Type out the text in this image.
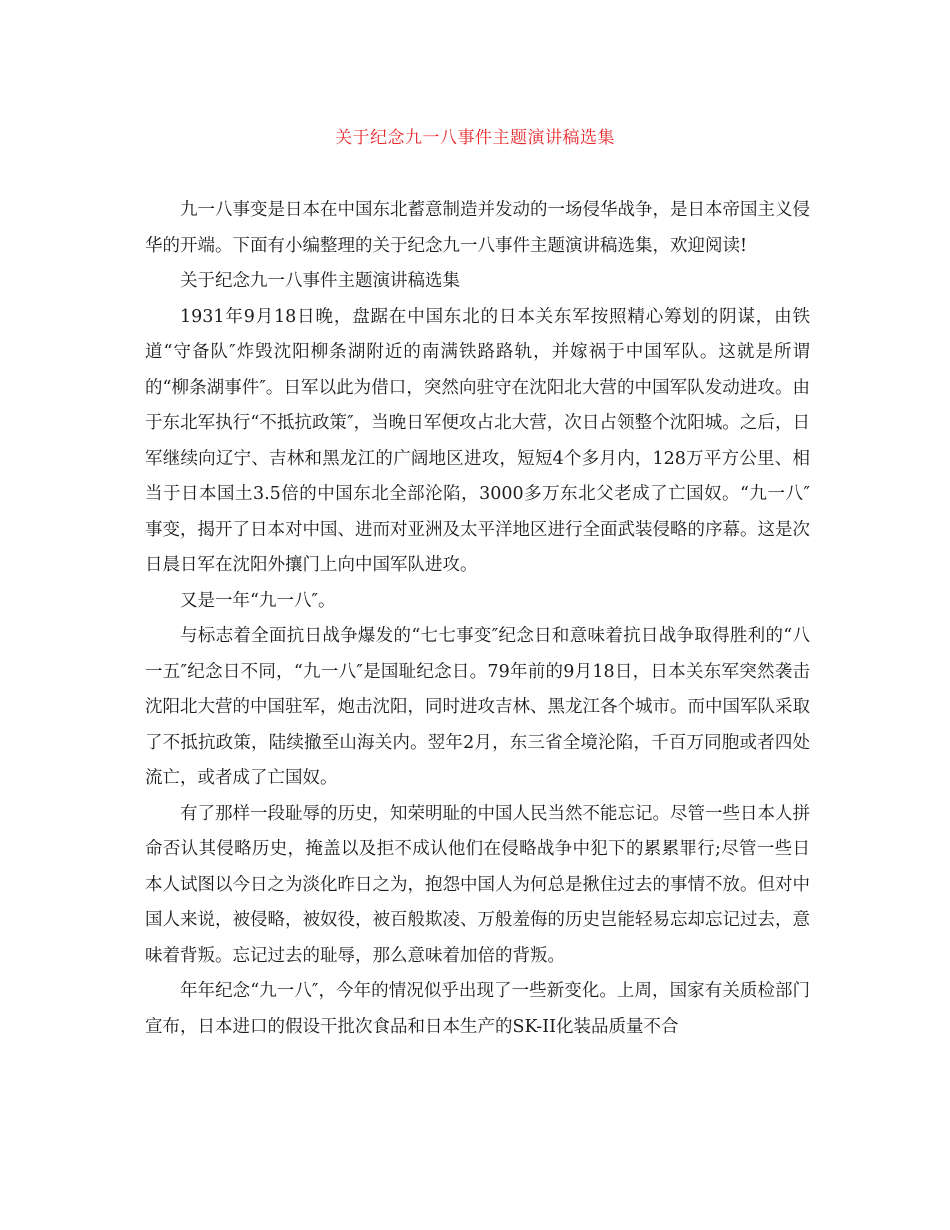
关于纪念九一八事件主题演讲稿选集

九一八事变是日本在中国东北蓄意制造并发动的一场侵华战争，是日本帝国主义侵华的开端。下面有小编整理的关于纪念九一八事件主题演讲稿选集，欢迎阅读!

关于纪念九一八事件主题演讲稿选集

1931年9月18日晚，盘踞在中国东北的日本关东军按照精心筹划的阴谋，由铁道“守备队″炸毁沈阳柳条湖附近的南满铁路路轨，并嫁祸于中国军队。这就是所谓的“柳条湖事件″。日军以此为借口，突然向驻守在沈阳北大营的中国军队发动进攻。由于东北军执行“不抵抗政策″，当晚日军便攻占北大营，次日占领整个沈阳城。之后，日军继续向辽宁、吉林和黑龙江的广阔地区进攻，短短4个多月内，128万平方公里、相当于日本国土3.5倍的中国东北全部沦陷，3000多万东北父老成了亡国奴。“九一八″事变，揭开了日本对中国、进而对亚洲及太平洋地区进行全面武装侵略的序幕。这是次日晨日军在沈阳外攘门上向中国军队进攻。

又是一年“九一八″。

与标志着全面抗日战争爆发的“七七事变″纪念日和意味着抗日战争取得胜利的“八一五″纪念日不同，“九一八″是国耻纪念日。79年前的9月18日，日本关东军突然袭击沈阳北大营的中国驻军，炮击沈阳，同时进攻吉林、黑龙江各个城市。而中国军队采取了不抵抗政策，陆续撤至山海关内。翌年2月，东三省全境沦陷，千百万同胞或者四处流亡，或者成了亡国奴。

有了那样一段耻辱的历史，知荣明耻的中国人民当然不能忘记。尽管一些日本人拼命否认其侵略历史，掩盖以及拒不成认他们在侵略战争中犯下的累累罪行;尽管一些日本人试图以今日之为淡化昨日之为，抱怨中国人为何总是揪住过去的事情不放。但对中国人来说，被侵略，被奴役，被百般欺凌、万般羞侮的历史岂能轻易忘却忘记过去，意味着背叛。忘记过去的耻辱，那么意味着加倍的背叛。

年年纪念“九一八″，今年的情况似乎出现了一些新变化。上周，国家有关质检部门宣布，日本进口的假设干批次食品和日本生产的SK-II化装品质量不合
